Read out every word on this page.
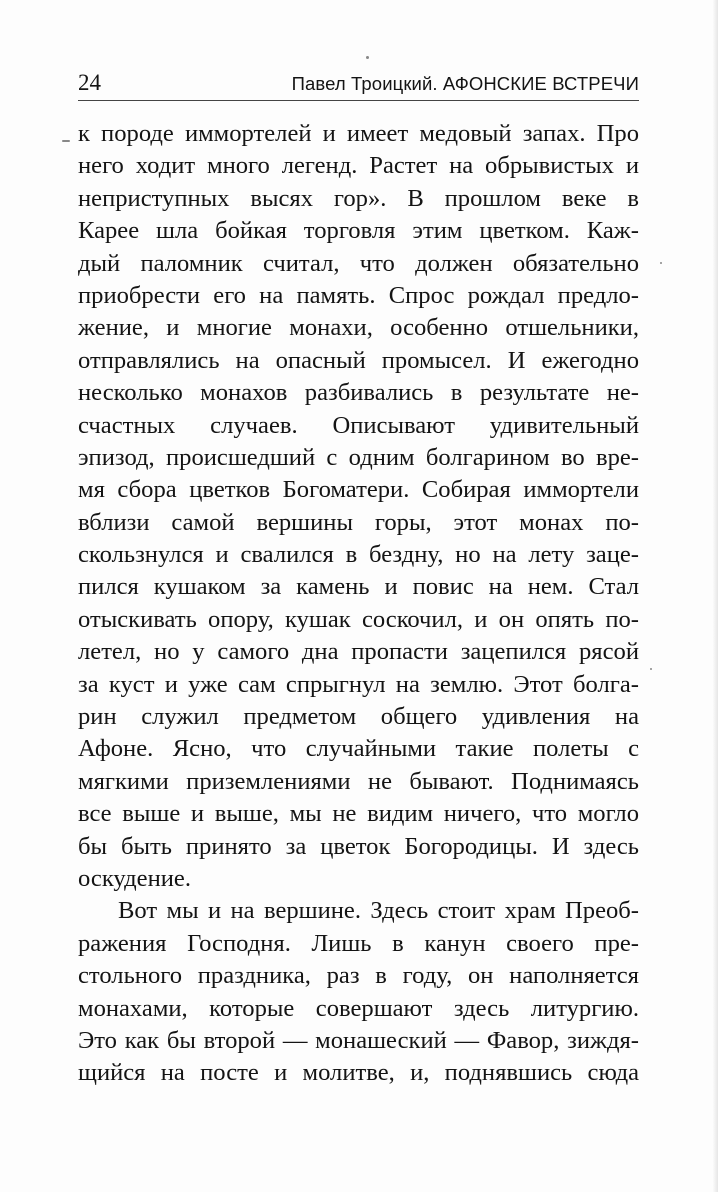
24	Павел Троицкий. АФОНСКИЕ ВСТРЕЧИ
к породе иммортелей и имеет медовый запах. Про
него ходит много легенд. Растет на обрывистых и
неприступных высях гор». В прошлом веке в
Карее шла бойкая торговля этим цветком. Каж-
дый паломник считал, что должен обязательно
приобрести его на память. Спрос рождал предло-
жение, и многие монахи, особенно отшельники,
отправлялись на опасный промысел. И ежегодно
несколько монахов разбивались в результате не-
счастных случаев. Описывают удивительный
эпизод, происшедший с одним болгарином во вре-
мя сбора цветков Богоматери. Собирая иммортели
вблизи самой вершины горы, этот монах по-
скользнулся и свалился в бездну, но на лету заце-
пился кушаком за камень и повис на нем. Стал
отыскивать опору, кушак соскочил, и он опять по-
летел, но у самого дна пропасти зацепился рясой
за куст и уже сам спрыгнул на землю. Этот болга-
рин служил предметом общего удивления на
Афоне. Ясно, что случайными такие полеты с
мягкими приземлениями не бывают. Поднимаясь
все выше и выше, мы не видим ничего, что могло
бы быть принято за цветок Богородицы. И здесь
оскудение.
Вот мы и на вершине. Здесь стоит храм Преоб-
ражения Господня. Лишь в канун своего пре-
стольного праздника, раз в году, он наполняется
монахами, которые совершают здесь литургию.
Это как бы второй — монашеский — Фавор, зиждя-
щийся на посте и молитве, и, поднявшись сюда
